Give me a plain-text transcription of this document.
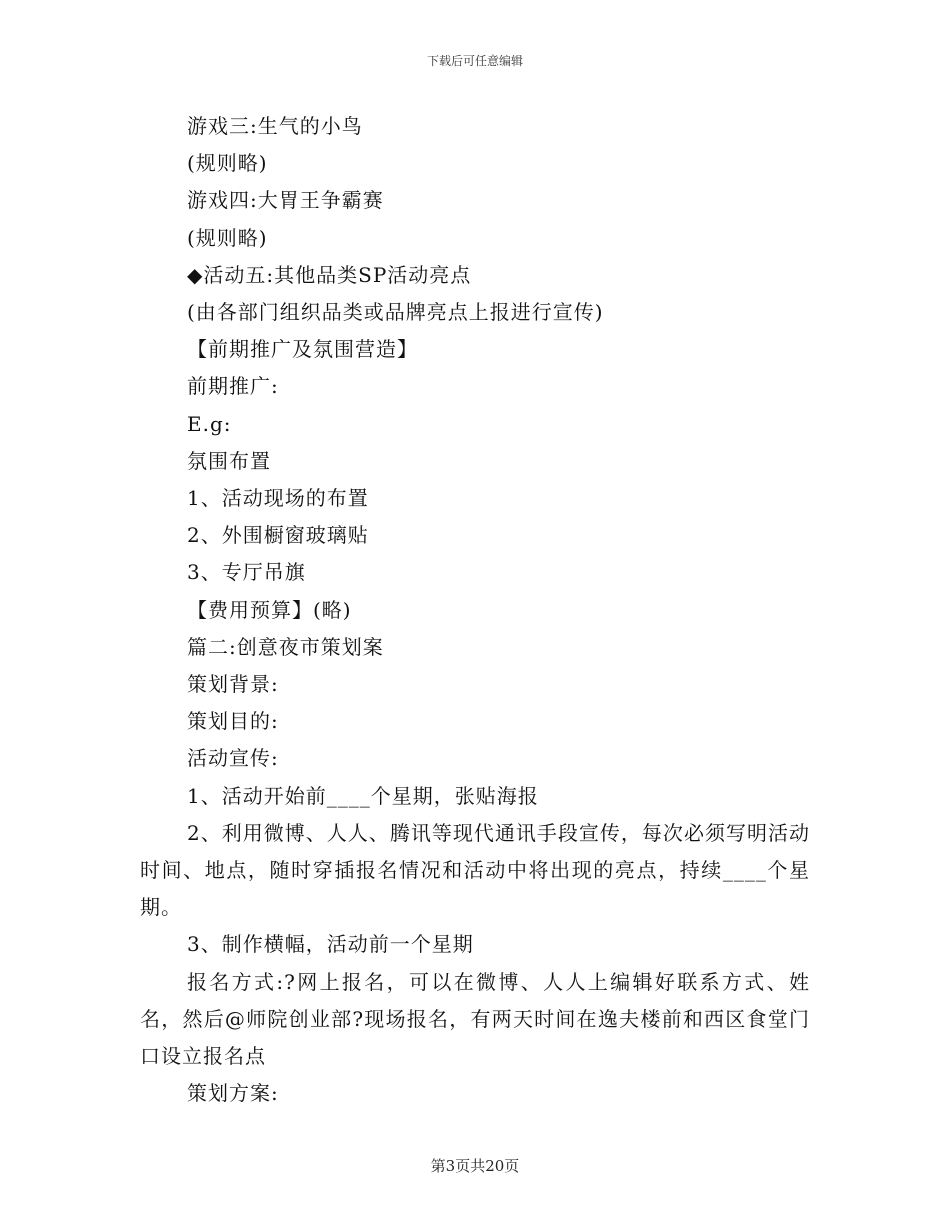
下载后可任意编辑

游戏三:生气的小鸟

(规则略)

游戏四:大胃王争霸赛

(规则略)

◆活动五:其他品类SP活动亮点

(由各部门组织品类或品牌亮点上报进行宣传)

【前期推广及氛围营造】

前期推广:

E.g:

氛围布置

1、活动现场的布置

2、外围橱窗玻璃贴

3、专厅吊旗

【费用预算】(略)

篇二:创意夜市策划案

策划背景:

策划目的:

活动宣传:

1、活动开始前____个星期，张贴海报

2、利用微博、人人、腾讯等现代通讯手段宣传，每次必须写明活动时间、地点，随时穿插报名情况和活动中将出现的亮点，持续____个星期。

3、制作横幅，活动前一个星期

报名方式:?网上报名，可以在微博、人人上编辑好联系方式、姓名，然后@师院创业部?现场报名，有两天时间在逸夫楼前和西区食堂门口设立报名点

策划方案:

第3页共20页
